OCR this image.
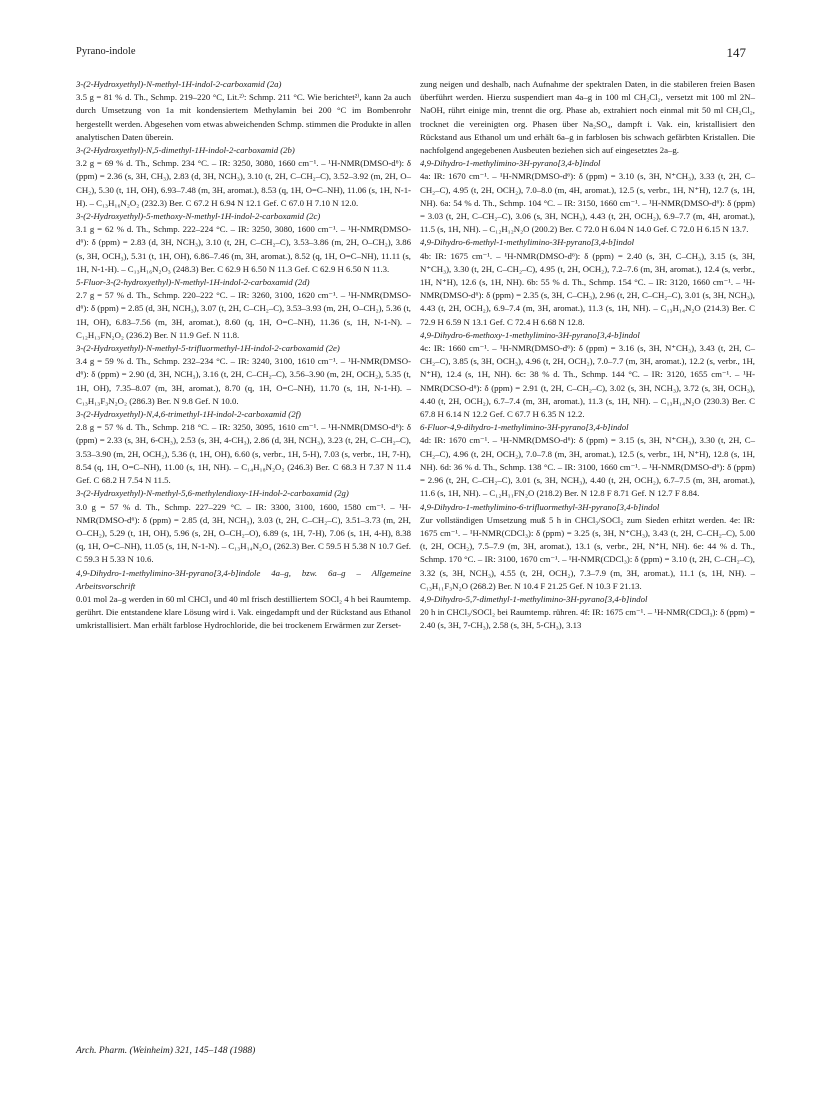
Pyrano-indole	147

3-(2-Hydroxyethyl)-N-methyl-1H-indol-2-carboxamid (2a)

3.5 g = 81 % d. Th., Schmp. 219–220 °C, Lit.²⁾: Schmp. 211 °C. Wie berichtet²⁾, kann 2a auch durch Umsetzung von 1a mit kondensiertem Methylamin bei 200 °C im Bombenrohr hergestellt werden. Abgesehen vom etwas abweichenden Schmp. stimmen die Produkte in allen analytischen Daten überein.

3-(2-Hydroxyethyl)-N,5-dimethyl-1H-indol-2-carboxamid (2b)

3.2 g = 69 % d. Th., Schmp. 234 °C. – IR: 3250, 3080, 1660 cm⁻¹. – ¹H-NMR(DMSO-d⁶): δ (ppm) = 2.36 (s, 3H, CH₃), 2.83 (d, 3H, NCH₃), 3.10 (t, 2H, C–CH₂–C), 3.52–3.92 (m, 2H, O–CH₂), 5.30 (t, 1H, OH), 6.93–7.48 (m, 3H, aromat.), 8.53 (q, 1H, O=C–NH), 11.06 (s, 1H, N-1-H). – C₁₃H₁₆N₂O₂ (232.3) Ber. C 67.2 H 6.94 N 12.1 Gef. C 67.0 H 7.10 N 12.0.

3-(2-Hydroxyethyl)-5-methoxy-N-methyl-1H-indol-2-carboxamid (2c)

3.1 g = 62 % d. Th., Schmp. 222–224 °C. – IR: 3250, 3080, 1600 cm⁻¹. – ¹H-NMR(DMSO-d⁶): δ (ppm) = 2.83 (d, 3H, NCH₃), 3.10 (t, 2H, C–CH₂–C), 3.53–3.86 (m, 2H, O–CH₂), 3.86 (s, 3H, OCH₃), 5.31 (t, 1H, OH), 6.86–7.46 (m, 3H, aromat.), 8.52 (q, 1H, O=C–NH), 11.11 (s, 1H, N-1-H). – C₁₃H₁₆N₂O₃ (248.3) Ber. C 62.9 H 6.50 N 11.3 Gef. C 62.9 H 6.50 N 11.3.

5-Fluor-3-(2-hydroxyethyl)-N-methyl-1H-indol-2-carboxamid (2d)

2.7 g = 57 % d. Th., Schmp. 220–222 °C. – IR: 3260, 3100, 1620 cm⁻¹. – ¹H-NMR(DMSO-d⁶): δ (ppm) = 2.85 (d, 3H, NCH₃), 3.07 (t, 2H, C–CH₂–C), 3.53–3.93 (m, 2H, O–CH₂), 5.36 (t, 1H, OH), 6.83–7.56 (m, 3H, aromat.), 8.60 (q, 1H, O=C–NH), 11.36 (s, 1H, N-1-N). – C₁₂H₁₃FN₂O₂ (236.2) Ber. N 11.9 Gef. N 11.8.

3-(2-Hydroxyethyl)-N-methyl-5-trifluormethyl-1H-indol-2-carboxamid (2e)

3.4 g = 59 % d. Th., Schmp. 232–234 °C. – IR: 3240, 3100, 1610 cm⁻¹. – ¹H-NMR(DMSO-d⁶): δ (ppm) = 2.90 (d, 3H, NCH₃), 3.16 (t, 2H, C–CH₂–C), 3.56–3.90 (m, 2H, OCH₂), 5.35 (t, 1H, OH), 7.35–8.07 (m, 3H, aromat.), 8.70 (q, 1H, O=C–NH), 11.70 (s, 1H, N-1-H). – C₁₃H₁₃F₃N₂O₂ (286.3) Ber. N 9.8 Gef. N 10.0.

3-(2-Hydroxyethyl)-N,4,6-trimethyl-1H-indol-2-carboxamid (2f)

2.8 g = 57 % d. Th., Schmp. 218 °C. – IR: 3250, 3095, 1610 cm⁻¹. – ¹H-NMR(DMSO-d⁶): δ (ppm) = 2.33 (s, 3H, 6-CH₃), 2.53 (s, 3H, 4-CH₃), 2.86 (d, 3H, NCH₃), 3.23 (t, 2H, C–CH₂–C), 3.53–3.90 (m, 2H, OCH₂), 5.36 (t, 1H, OH), 6.60 (s, verbr., 1H, 5-H), 7.03 (s, verbr., 1H, 7-H), 8.54 (q, 1H, O=C–NH), 11.00 (s, 1H, NH). – C₁₄H₁₈N₂O₂ (246.3) Ber. C 68.3 H 7.37 N 11.4 Gef. C 68.2 H 7.54 N 11.5.

3-(2-Hydroxyethyl)-N-methyl-5,6-methylendioxy-1H-indol-2-carboxamid (2g)

3.0 g = 57 % d. Th., Schmp. 227–229 °C. – IR: 3300, 3100, 1600, 1580 cm⁻¹. – ¹H-NMR(DMSO-d⁶): δ (ppm) = 2.85 (d, 3H, NCH₃), 3.03 (t, 2H, C–CH₂–C), 3.51–3.73 (m, 2H, O–CH₂), 5.29 (t, 1H, OH), 5.96 (s, 2H, O–CH₂–O), 6.89 (s, 1H, 7-H), 7.06 (s, 1H, 4-H), 8.38 (q, 1H, O=C–NH), 11.05 (s, 1H, N-1-N). – C₁₃H₁₄N₂O₄ (262.3) Ber. C 59.5 H 5.38 N 10.7 Gef. C 59.3 H 5.33 N 10.6.

4,9-Dihydro-1-methylimino-3H-pyrano[3,4-b]indole 4a–g, bzw. 6a–g – Allgemeine Arbeitsvorschrift

0.01 mol 2a–g werden in 60 ml CHCl₃ und 40 ml frisch destilliertem SOCl₂ 4 h bei Raumtemp. gerührt. Die entstandene klare Lösung wird i. Vak. eingedampft und der Rückstand aus Ethanol umkristallisiert. Man erhält farblose Hydrochloride, die bei trockenem Erwärmen zur Zerset-

zung neigen und deshalb, nach Aufnahme der spektralen Daten, in die stabileren freien Basen überführt werden. Hierzu suspendiert man 4a–g in 100 ml CH₂Cl₂, versetzt mit 100 ml 2N–NaOH, rührt einige min, trennt die org. Phase ab, extrahiert noch einmal mit 50 ml CH₂Cl₂, trocknet die vereinigten org. Phasen über Na₂SO₄, dampft i. Vak. ein, kristallisiert den Rückstand aus Ethanol um und erhält 6a–g in farblosen bis schwach gefärbten Kristallen. Die nachfolgend angegebenen Ausbeuten beziehen sich auf eingesetztes 2a–g.

4,9-Dihydro-1-methylimino-3H-pyrano[3,4-b]indol

4a: IR: 1670 cm⁻¹. – ¹H-NMR(DMSO-d⁶): δ (ppm) = 3.10 (s, 3H, N⁺CH₃), 3.33 (t, 2H, C–CH₂–C), 4.95 (t, 2H, OCH₂), 7.0–8.0 (m, 4H, aromat.), 12.5 (s, verbr., 1H, N⁺H), 12.7 (s, 1H, NH). 6a: 54 % d. Th., Schmp. 104 °C. – IR: 3150, 1660 cm⁻¹. – ¹H-NMR(DMSO-d⁶): δ (ppm) = 3.03 (t, 2H, C–CH₂–C), 3.06 (s, 3H, NCH₃), 4.43 (t, 2H, OCH₂), 6.9–7.7 (m, 4H, aromat.), 11.5 (s, 1H, NH). – C₁₂H₁₂N₂O (200.2) Ber. C 72.0 H 6.04 N 14.0 Gef. C 72.0 H 6.15 N 13.7.

4,9-Dihydro-6-methyl-1-methylimino-3H-pyrano[3,4-b]indol

4b: IR: 1675 cm⁻¹. – ¹H-NMR(DMSO-d⁶): δ (ppm) = 2.40 (s, 3H, C–CH₃), 3.15 (s, 3H, N⁺CH₃), 3.30 (t, 2H, C–CH₂–C), 4.95 (t, 2H, OCH₂), 7.2–7.6 (m, 3H, aromat.), 12.4 (s, verbr., 1H, N⁺H), 12.6 (s, 1H, NH). 6b: 55 % d. Th., Schmp. 154 °C. – IR: 3120, 1660 cm⁻¹. – ¹H-NMR(DMSO-d⁶): δ (ppm) = 2.35 (s, 3H, C–CH₃), 2.96 (t, 2H, C–CH₂–C), 3.01 (s, 3H, NCH₃), 4.43 (t, 2H, OCH₂), 6.9–7.4 (m, 3H, aromat.), 11.3 (s, 1H, NH). – C₁₃H₁₄N₂O (214.3) Ber. C 72.9 H 6.59 N 13.1 Gef. C 72.4 H 6.68 N 12.8.

4,9-Dihydro-6-methoxy-1-methylimino-3H-pyrano[3,4-b]indol

4c: IR: 1660 cm⁻¹. – ¹H-NMR(DMSO-d⁶): δ (ppm) = 3.16 (s, 3H, N⁺CH₃), 3.43 (t, 2H, C–CH₂–C), 3.85 (s, 3H, OCH₃), 4.96 (t, 2H, OCH₂), 7.0–7.7 (m, 3H, aromat.), 12.2 (s, verbr., 1H, N⁺H), 12.4 (s, 1H, NH). 6c: 38 % d. Th., Schmp. 144 °C. – IR: 3120, 1655 cm⁻¹. – ¹H-NMR(DCSO-d⁶): δ (ppm) = 2.91 (t, 2H, C–CH₂–C), 3.02 (s, 3H, NCH₃), 3.72 (s, 3H, OCH₃), 4.40 (t, 2H, OCH₂), 6.7–7.4 (m, 3H, aromat.), 11.3 (s, 1H, NH). – C₁₃H₁₄N₂O (230.3) Ber. C 67.8 H 6.14 N 12.2 Gef. C 67.7 H 6.35 N 12.2.

6-Fluor-4,9-dihydro-1-methylimino-3H-pyrano[3,4-b]indol

4d: IR: 1670 cm⁻¹. – ¹H-NMR(DMSO-d⁶): δ (ppm) = 3.15 (s, 3H, N⁺CH₃), 3.30 (t, 2H, C–CH₂–C), 4.96 (t, 2H, OCH₂), 7.0–7.8 (m, 3H, aromat.), 12.5 (s, verbr., 1H, N⁺H), 12.8 (s, 1H, NH). 6d: 36 % d. Th., Schmp. 138 °C. – IR: 3100, 1660 cm⁻¹. – ¹H-NMR(DMSO-d⁶): δ (ppm) = 2.96 (t, 2H, C–CH₂–C), 3.01 (s, 3H, NCH₃), 4.40 (t, 2H, OCH₂), 6.7–7.5 (m, 3H, aromat.), 11.6 (s, 1H, NH). – C₁₂H₁₁FN₂O (218.2) Ber. N 12.8 F 8.71 Gef. N 12.7 F 8.84.

4,9-Dihydro-1-methylimino-6-trifluormethyl-3H-pyrano[3,4-b]indol

Zur vollständigen Umsetzung muß 5 h in CHCl₃/SOCl₂ zum Sieden erhitzt werden. 4e: IR: 1675 cm⁻¹. – ¹H-NMR(CDCl₃): δ (ppm) = 3.25 (s, 3H, N⁺CH₃), 3.43 (t, 2H, C–CH₂–C), 5.00 (t, 2H, OCH₂), 7.5–7.9 (m, 3H, aromat.), 13.1 (s, verbr., 2H, N⁺H, NH). 6e: 44 % d. Th., Schmp. 170 °C. – IR: 3100, 1670 cm⁻¹. – ¹H-NMR(CDCl₃): δ (ppm) = 3.10 (t, 2H, C–CH₂–C), 3.32 (s, 3H, NCH₃), 4.55 (t, 2H, OCH₂), 7.3–7.9 (m, 3H, aromat.), 11.1 (s, 1H, NH). – C₁₃H₁₁F₃N₂O (268.2) Ber. N 10.4 F 21.25 Gef. N 10.3 F 21.13.

4,9-Dihydro-5,7-dimethyl-1-methylimino-3H-pyrano[3,4-b]indol

20 h in CHCl₃/SOCl₂ bei Raumtemp. rühren. 4f: IR: 1675 cm⁻¹. – ¹H-NMR(CDCl₃): δ (ppm) = 2.40 (s, 3H, 7-CH₃), 2.58 (s, 3H, 5-CH₃), 3.13

Arch. Pharm. (Weinheim) 321, 145–148 (1988)
